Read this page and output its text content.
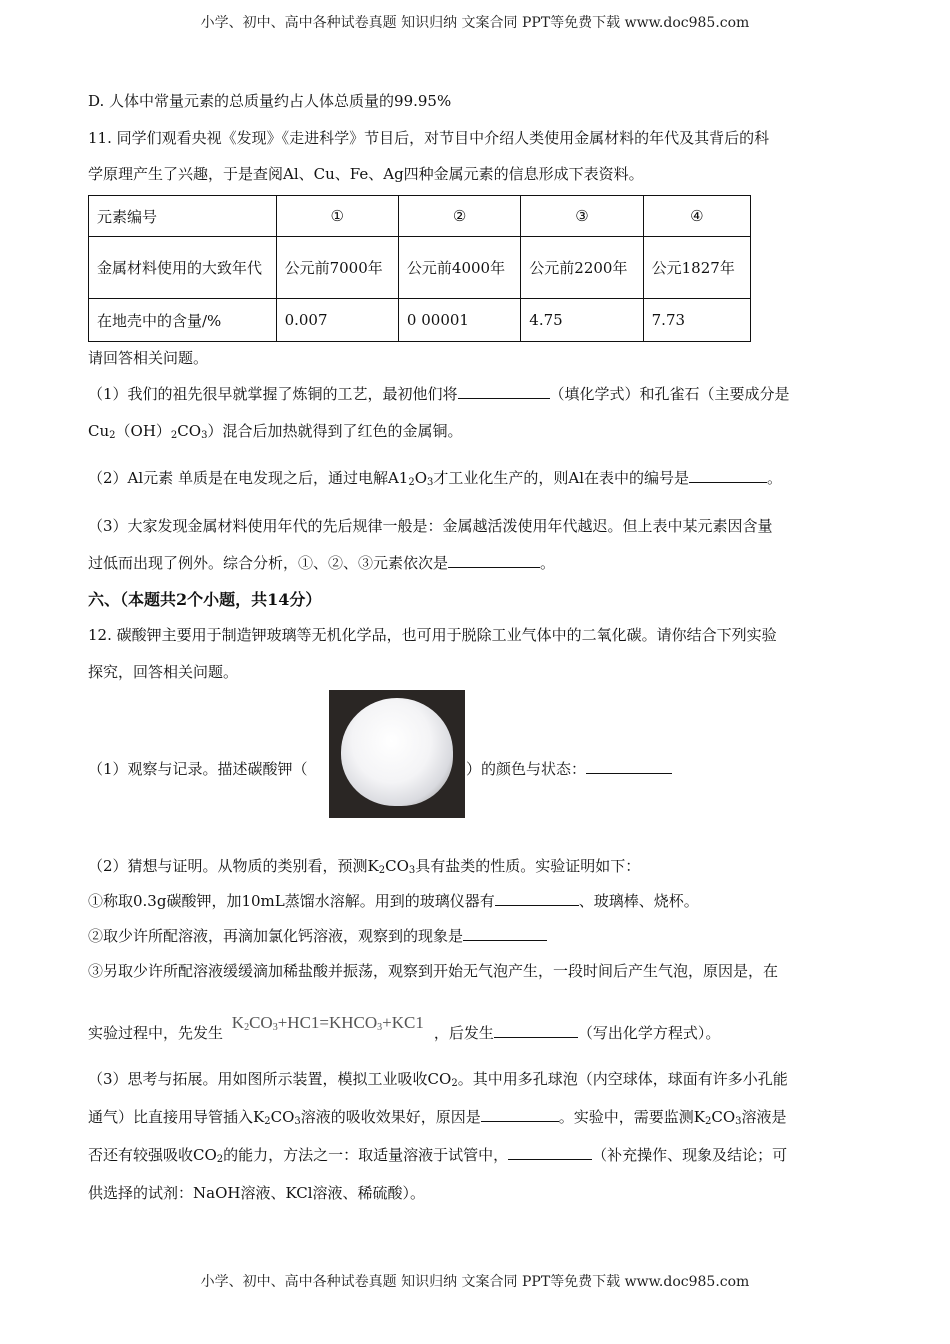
小学、初中、高中各种试卷真题 知识归纳 文案合同 PPT等免费下载 www.doc985.com
D. 人体中常量元素的总质量约占人体总质量的99.95%
11. 同学们观看央视《发现》《走进科学》节目后，对节目中介绍人类使用金属材料的年代及其背后的科
学原理产生了兴趣，于是查阅Al、Cu、Fe、Ag四种金属元素的信息形成下表资料。
元素编号	①	②	③	④
金属材料使用的大致年代	公元前7000年	公元前4000年	公元前2200年	公元1827年
在地壳中的含量/%	0.007	0 00001	4.75	7.73
请回答相关问题。
（1）我们的祖先很早就掌握了炼铜的工艺，最初他们将	（填化学式）和孔雀石（主要成分是
$Cu_2(OH)_2CO_3$）混合后加热就得到了红色的金属铜。
（2）Al元素 单质是在电发现之后，通过电解$A1_2O_3$才工业化生产的，则Al在表中的编号是	。
（3）大家发现金属材料使用年代的先后规律一般是：金属越活泼使用年代越迟。但上表中某元素因含量
过低而出现了例外。综合分析，①、②、③元素依次是	。
六、（本题共2个小题，共14分）
12. 碳酸钾主要用于制造钾玻璃等无机化学品，也可用于脱除工业气体中的二氧化碳。请你结合下列实验
探究，回答相关问题。
（1）观察与记录。描述碳酸钾（	）的颜色与状态：
（2）猜想与证明。从物质的类别看，预测$K_2CO_3$具有盐类的性质。实验证明如下：
①称取0.3g碳酸钾，加10mL蒸馏水溶解。用到的玻璃仪器有	、玻璃棒、烧杯。
②取少许所配溶液，再滴加氯化钙溶液，观察到的现象是
③另取少许所配溶液缓缓滴加稀盐酸并振荡，观察到开始无气泡产生，一段时间后产生气泡，原因是，在
实验过程中，先发生 $K_2CO_3+HC1=KHCO_3+KC1$，后发生	（写出化学方程式）。
（3）思考与拓展。用如图所示装置，模拟工业吸收$CO_2$。其中用多孔球泡（内空球体，球面有许多小孔能
通气）比直接用导管插入$K_2CO_3$溶液的吸收效果好，原因是	。实验中，需要监测$K_2CO_3$溶液是
否还有较强吸收$CO_2$的能力，方法之一：取适量溶液于试管中，	（补充操作、现象及结论；可
供选择的试剂：NaOH溶液、KCl溶液、稀硫酸）。
小学、初中、高中各种试卷真题 知识归纳 文案合同 PPT等免费下载 www.doc985.com
